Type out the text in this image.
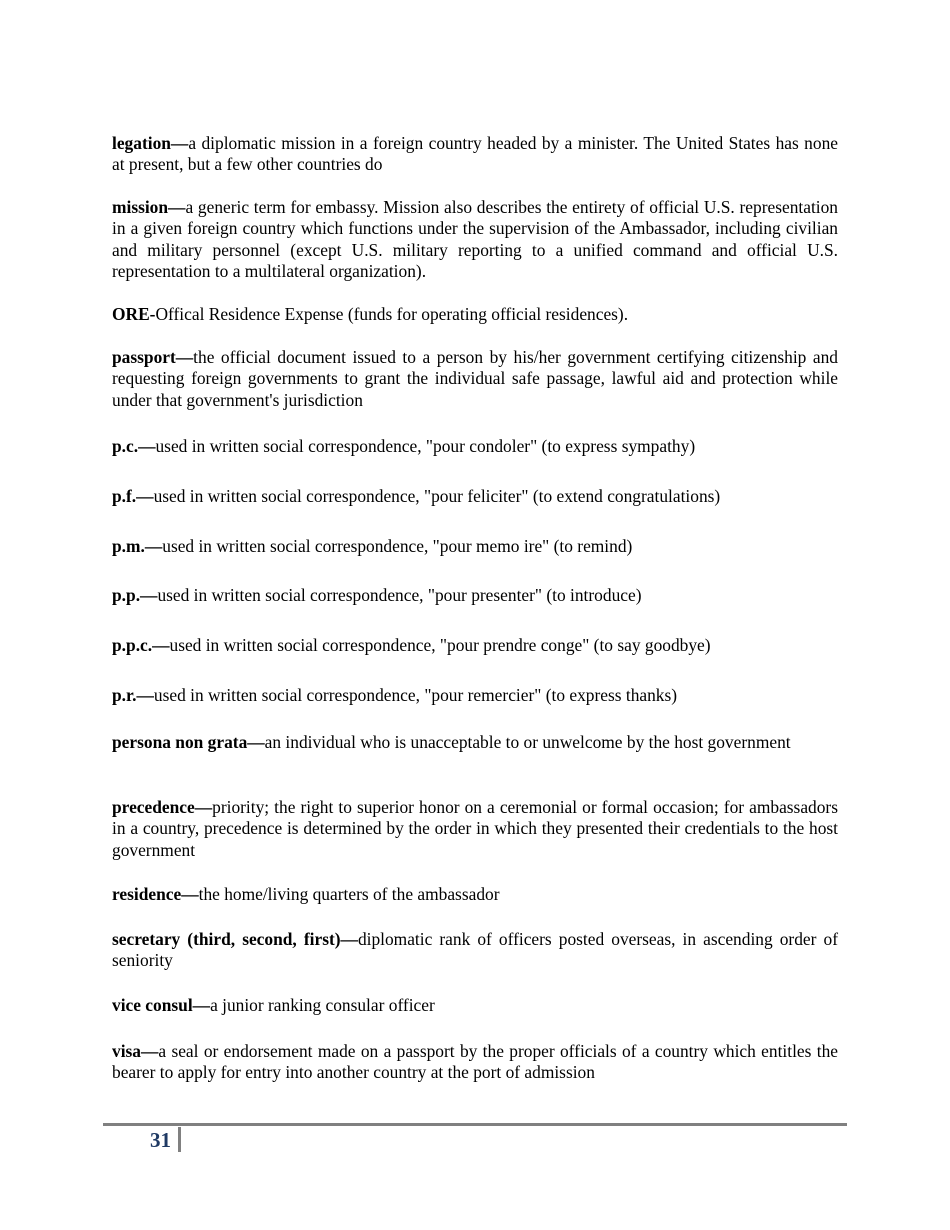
legation—a diplomatic mission in a foreign country headed by a minister. The United States has none at present, but a few other countries do

mission—a generic term for embassy. Mission also describes the entirety of official U.S. representation in a given foreign country which functions under the supervision of the Ambassador, including civilian and military personnel (except U.S. military reporting to a unified command and official U.S. representation to a multilateral organization).

ORE-Offical Residence Expense (funds for operating official residences).

passport—the official document issued to a person by his/her government certifying citizenship and requesting foreign governments to grant the individual safe passage, lawful aid and protection while under that government's jurisdiction

p.c.—used in written social correspondence, "pour condoler" (to express sympathy)

p.f.—used in written social correspondence, "pour feliciter" (to extend congratulations)

p.m.—used in written social correspondence, "pour memo ire" (to remind)

p.p.—used in written social correspondence, "pour presenter" (to introduce)

p.p.c.—used in written social correspondence, "pour prendre conge" (to say goodbye)

p.r.—used in written social correspondence, "pour remercier" (to express thanks)

persona non grata—an individual who is unacceptable to or unwelcome by the host government

precedence—priority; the right to superior honor on a ceremonial or formal occasion; for ambassadors in a country, precedence is determined by the order in which they presented their credentials to the host government

residence—the home/living quarters of the ambassador

secretary (third, second, first)—diplomatic rank of officers posted overseas, in ascending order of seniority

vice consul—a junior ranking consular officer

visa—a seal or endorsement made on a passport by the proper officials of a country which entitles the bearer to apply for entry into another country at the port of admission

31
